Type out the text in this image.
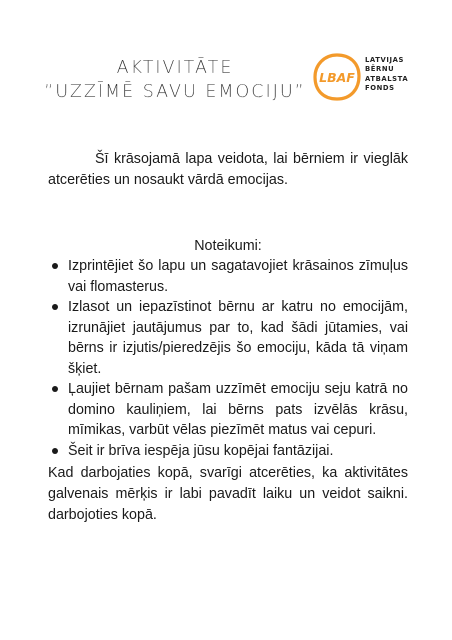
AKTIVITĀTE
”UZZĪMĒ SAVU EMOCIJU”
LBAF
LATVIJAS
BĒRNU
ATBALSTA
FONDS

Šī krāsojamā lapa veidota, lai bērniem ir vieglāk atcerēties un nosaukt vārdā emocijas.

Noteikumi:
Izprintējiet šo lapu un sagatavojiet krāsainos zīmuļus vai flomasterus.
Izlasot un iepazīstinot bērnu ar katru no emocijām, izrunājiet jautājumus par to, kad šādi jūtamies, vai bērns ir izjutis/pieredzējis šo emociju, kāda tā viņam šķiet.
Ļaujiet bērnam pašam uzzīmēt emociju seju katrā no domino kauliņiem, lai bērns pats izvēlās krāsu, mīmikas, varbūt vēlas piezīmēt matus vai cepuri.
Šeit ir brīva iespēja jūsu kopējai fantāzijai.

Kad darbojaties kopā, svarīgi atcerēties, ka aktivitātes galvenais mērķis ir labi pavadīt laiku un veidot saikni. darbojoties kopā.
